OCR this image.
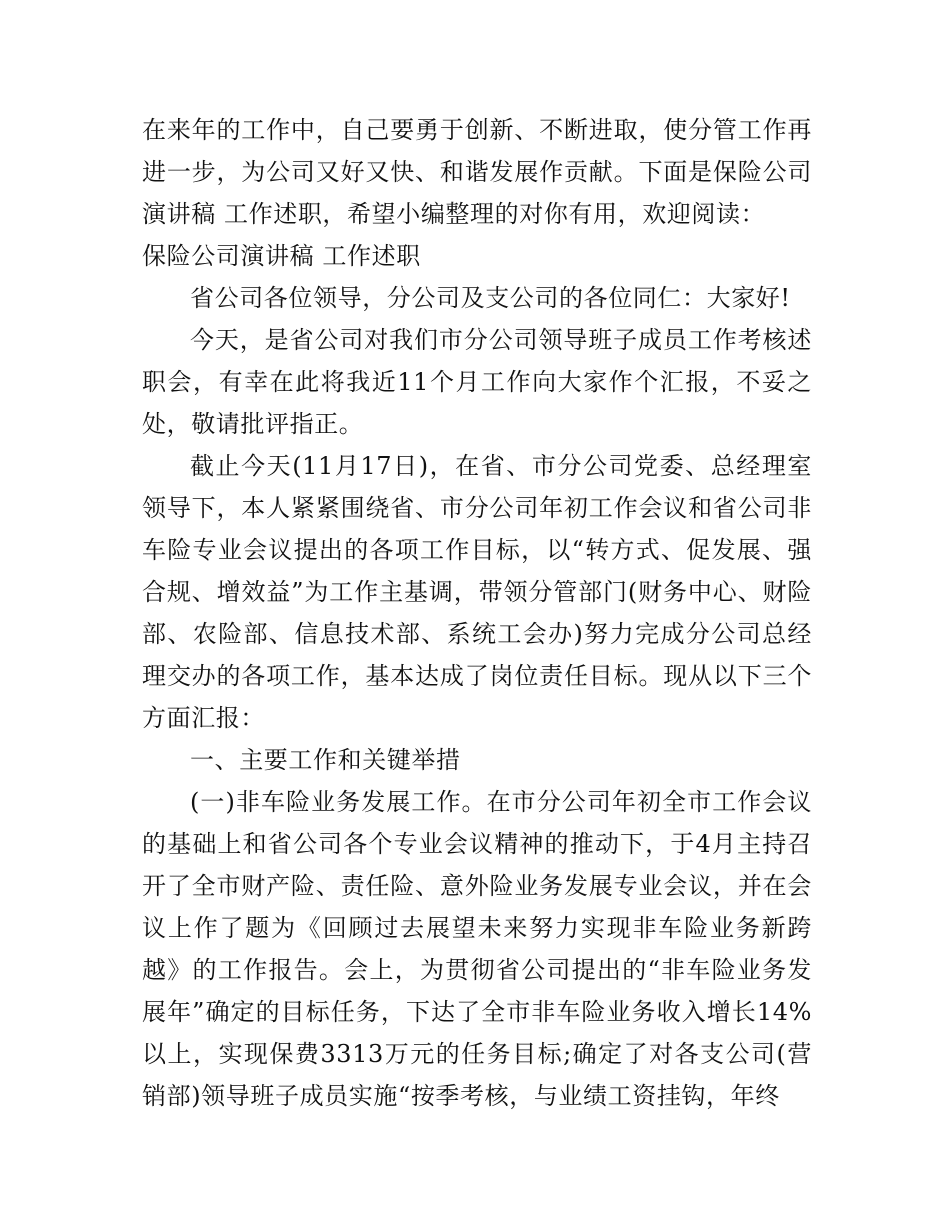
在来年的工作中，自己要勇于创新、不断进取，使分管工作再进一步，为公司又好又快、和谐发展作贡献。下面是保险公司演讲稿 工作述职，希望小编整理的对你有用，欢迎阅读：

保险公司演讲稿 工作述职

省公司各位领导，分公司及支公司的各位同仁：大家好!

今天，是省公司对我们市分公司领导班子成员工作考核述职会，有幸在此将我近11个月工作向大家作个汇报，不妥之处，敬请批评指正。

截止今天(11月17日)，在省、市分公司党委、总经理室领导下，本人紧紧围绕省、市分公司年初工作会议和省公司非车险专业会议提出的各项工作目标，以“转方式、促发展、强合规、增效益”为工作主基调，带领分管部门(财务中心、财险部、农险部、信息技术部、系统工会办)努力完成分公司总经理交办的各项工作，基本达成了岗位责任目标。现从以下三个方面汇报：

一、主要工作和关键举措

(一)非车险业务发展工作。在市分公司年初全市工作会议的基础上和省公司各个专业会议精神的推动下，于4月主持召开了全市财产险、责任险、意外险业务发展专业会议，并在会议上作了题为《回顾过去展望未来努力实现非车险业务新跨越》的工作报告。会上，为贯彻省公司提出的“非车险业务发展年”确定的目标任务，下达了全市非车险业务收入增长14%以上，实现保费3313万元的任务目标;确定了对各支公司(营销部)领导班子成员实施“按季考核，与业绩工资挂钩，年终
